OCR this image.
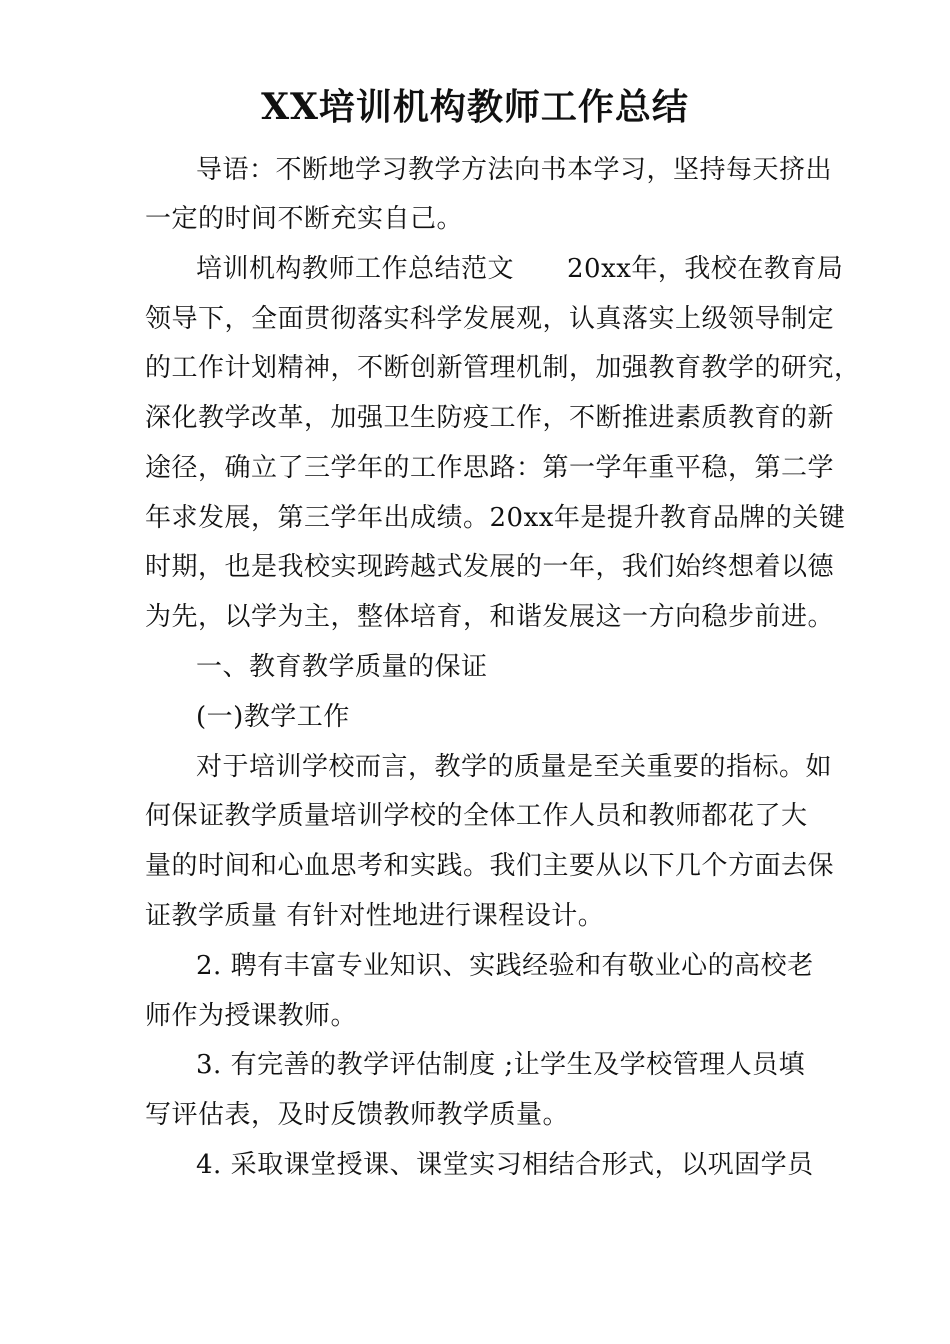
XX培训机构教师工作总结
导语：不断地学习教学方法向书本学习，坚持每天挤出
一定的时间不断充实自己。
培训机构教师工作总结范文　　20xx年，我校在教育局
领导下，全面贯彻落实科学发展观，认真落实上级领导制定
的工作计划精神，不断创新管理机制，加强教育教学的研究，
深化教学改革，加强卫生防疫工作，不断推进素质教育的新
途径，确立了三学年的工作思路：第一学年重平稳，第二学
年求发展，第三学年出成绩。20xx年是提升教育品牌的关键
时期，也是我校实现跨越式发展的一年，我们始终想着以德
为先，以学为主，整体培育，和谐发展这一方向稳步前进。
一、教育教学质量的保证
(一)教学工作
对于培训学校而言，教学的质量是至关重要的指标。如
何保证教学质量培训学校的全体工作人员和教师都花了大
量的时间和心血思考和实践。我们主要从以下几个方面去保
证教学质量 有针对性地进行课程设计。
2. 聘有丰富专业知识、实践经验和有敬业心的高校老
师作为授课教师。
3. 有完善的教学评估制度 ;让学生及学校管理人员填
写评估表，及时反馈教师教学质量。
4. 采取课堂授课、课堂实习相结合形式，以巩固学员
